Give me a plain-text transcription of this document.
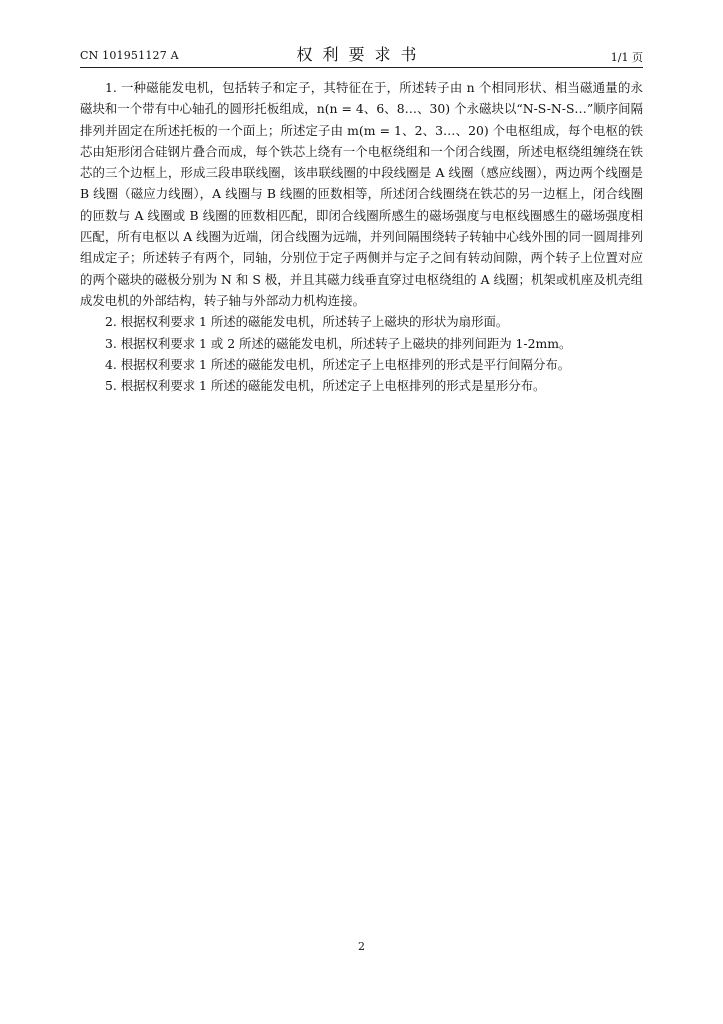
CN 101951127 A	权利要求书	1/1 页

1. 一种磁能发电机，包括转子和定子，其特征在于，所述转子由 n 个相同形状、相当磁通量的永磁块和一个带有中心轴孔的圆形托板组成，n(n = 4、6、8…、30) 个永磁块以“N-S-N-S…”顺序间隔排列并固定在所述托板的一个面上；所述定子由 m(m = 1、2、3…、20) 个电枢组成，每个电枢的铁芯由矩形闭合硅钢片叠合而成，每个铁芯上绕有一个电枢绕组和一个闭合线圈，所述电枢绕组缠绕在铁芯的三个边框上，形成三段串联线圈，该串联线圈的中段线圈是 A 线圈（感应线圈），两边两个线圈是 B 线圈（磁应力线圈），A 线圈与 B 线圈的匝数相等，所述闭合线圈绕在铁芯的另一边框上，闭合线圈的匝数与 A 线圈或 B 线圈的匝数相匹配，即闭合线圈所感生的磁场强度与电枢线圈感生的磁场强度相匹配，所有电枢以 A 线圈为近端，闭合线圈为远端，并列间隔围绕转子转轴中心线外围的同一圆周排列组成定子；所述转子有两个，同轴，分别位于定子两侧并与定子之间有转动间隙，两个转子上位置对应的两个磁块的磁极分别为 N 和 S 极，并且其磁力线垂直穿过电枢绕组的 A 线圈；机架或机座及机壳组成发电机的外部结构，转子轴与外部动力机构连接。

2. 根据权利要求 1 所述的磁能发电机，所述转子上磁块的形状为扇形面。

3. 根据权利要求 1 或 2 所述的磁能发电机，所述转子上磁块的排列间距为 1-2mm。

4. 根据权利要求 1 所述的磁能发电机，所述定子上电枢排列的形式是平行间隔分布。

5. 根据权利要求 1 所述的磁能发电机，所述定子上电枢排列的形式是星形分布。

2
